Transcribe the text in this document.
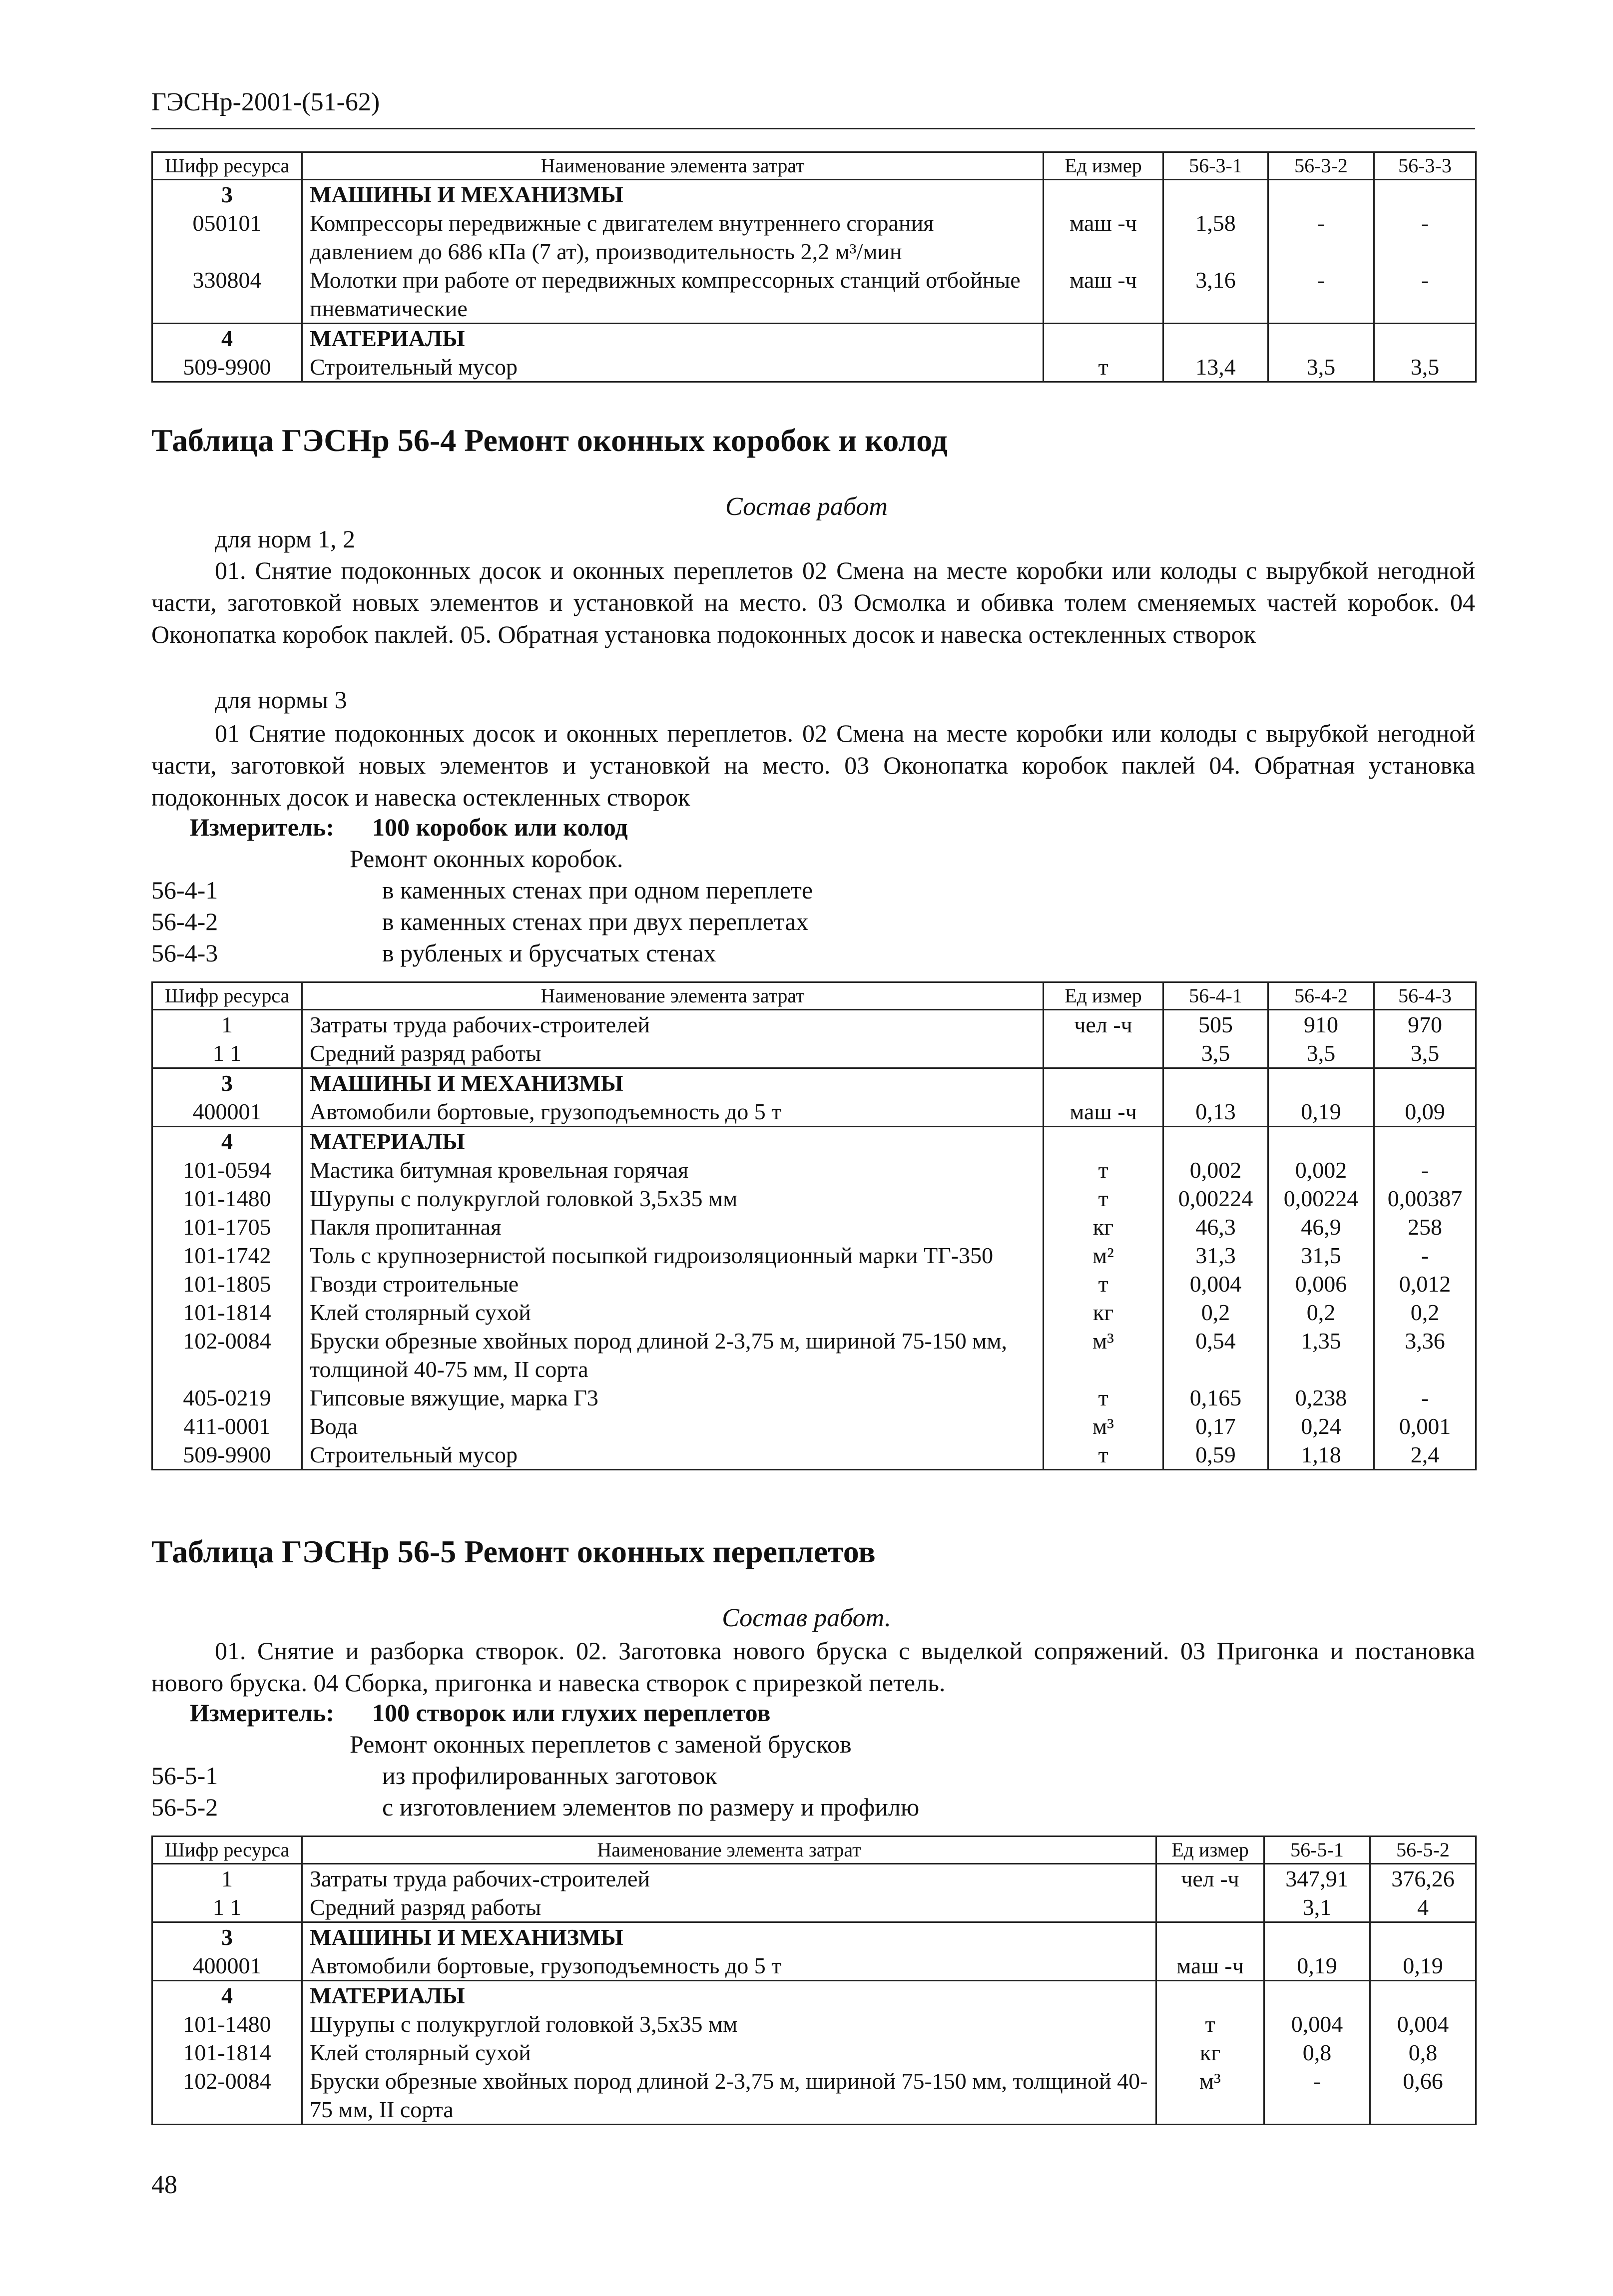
ГЭСНр-2001-(51-62)
Шифр ресурса	Наименование элемента затрат	Ед измер	56-3-1	56-3-2	56-3-3
3	МАШИНЫ И МЕХАНИЗМЫ				
050101	Компрессоры передвижные с двигателем внутреннего сгорания давлением до 686 кПа (7 ат), производительность 2,2 м³/мин	маш -ч	1,58	-	-
330804	Молотки при работе от передвижных компрессорных станций отбойные пневматические	маш -ч	3,16	-	-
4	МАТЕРИАЛЫ				
509-9900	Строительный мусор	т	13,4	3,5	3,5
Таблица ГЭСНр 56-4 Ремонт оконных коробок и колод
Состав работ
для норм 1, 2
01. Снятие подоконных досок и оконных переплетов 02 Смена на месте коробки или колоды с вырубкой негодной части, заготовкой новых элементов и установкой на место. 03 Осмолка и обивка толем сменяемых частей коробок. 04 Оконопатка коробок паклей. 05. Обратная установка подоконных досок и навеска остекленных створок
для нормы 3
01 Снятие подоконных досок и оконных переплетов. 02 Смена на месте коробки или колоды с вырубкой негодной части, заготовкой новых элементов и установкой на место. 03 Оконопатка коробок паклей 04. Обратная установка подоконных досок и навеска остекленных створок
Измеритель: 100 коробок или колод
Ремонт оконных коробок.
56-4-1	в каменных стенах при одном переплете
56-4-2	в каменных стенах при двух переплетах
56-4-3	в рубленых и брусчатых стенах
Шифр ресурса	Наименование элемента затрат	Ед измер	56-4-1	56-4-2	56-4-3
1	Затраты труда рабочих-строителей	чел -ч	505	910	970
1 1	Средний разряд работы		3,5	3,5	3,5
3	МАШИНЫ И МЕХАНИЗМЫ				
400001	Автомобили бортовые, грузоподъемность до 5 т	маш -ч	0,13	0,19	0,09
4	МАТЕРИАЛЫ				
101-0594	Мастика битумная кровельная горячая	т	0,002	0,002	-
101-1480	Шурупы с полукруглой головкой 3,5x35 мм	т	0,00224	0,00224	0,00387
101-1705	Пакля пропитанная	кг	46,3	46,9	258
101-1742	Толь с крупнозернистой посыпкой гидроизоляционный марки ТГ-350	м²	31,3	31,5	-
101-1805	Гвозди строительные	т	0,004	0,006	0,012
101-1814	Клей столярный сухой	кг	0,2	0,2	0,2
102-0084	Бруски обрезные хвойных пород длиной 2-3,75 м, шириной 75-150 мм, толщиной 40-75 мм, II сорта	м³	0,54	1,35	3,36
405-0219	Гипсовые вяжущие, марка Г3	т	0,165	0,238	-
411-0001	Вода	м³	0,17	0,24	0,001
509-9900	Строительный мусор	т	0,59	1,18	2,4
Таблица ГЭСНр 56-5 Ремонт оконных переплетов
Состав работ.
01. Снятие и разборка створок. 02. Заготовка нового бруска с выделкой сопряжений. 03 Пригонка и постановка нового бруска. 04 Сборка, пригонка и навеска створок с прирезкой петель.
Измеритель: 100 створок или глухих переплетов
Ремонт оконных переплетов с заменой брусков
56-5-1	из профилированных заготовок
56-5-2	с изготовлением элементов по размеру и профилю
Шифр ресурса	Наименование элемента затрат	Ед измер	56-5-1	56-5-2
1	Затраты труда рабочих-строителей	чел -ч	347,91	376,26
1 1	Средний разряд работы		3,1	4
3	МАШИНЫ И МЕХАНИЗМЫ			
400001	Автомобили бортовые, грузоподъемность до 5 т	маш -ч	0,19	0,19
4	МАТЕРИАЛЫ			
101-1480	Шурупы с полукруглой головкой 3,5x35 мм	т	0,004	0,004
101-1814	Клей столярный сухой	кг	0,8	0,8
102-0084	Бруски обрезные хвойных пород длиной 2-3,75 м, шириной 75-150 мм, толщиной 40-75 мм, II сорта	м³	-	0,66
48
